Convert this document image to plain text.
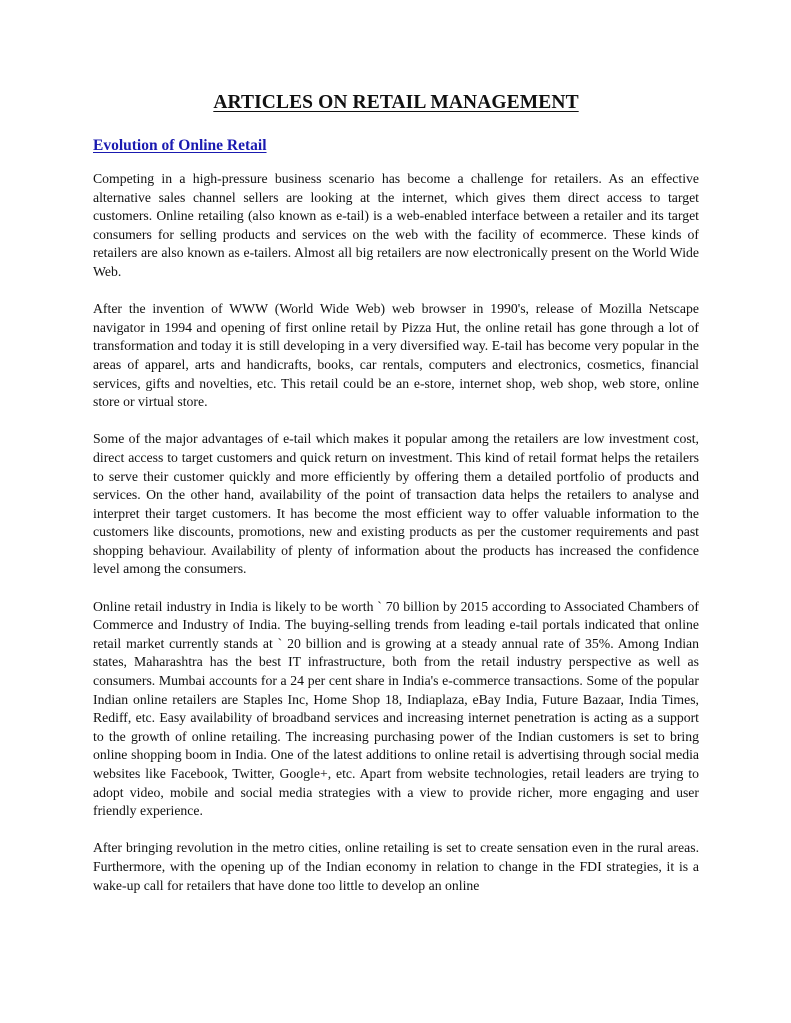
ARTICLES ON RETAIL MANAGEMENT
Evolution of Online Retail

Competing in a high-pressure business scenario has become a challenge for retailers. As an effective alternative sales channel sellers are looking at the internet, which gives them direct access to target customers. Online retailing (also known as e-tail) is a web-enabled interface between a retailer and its target consumers for selling products and services on the web with the facility of ecommerce. These kinds of retailers are also known as e-tailers. Almost all big retailers are now electronically present on the World Wide Web.

After the invention of WWW (World Wide Web) web browser in 1990's, release of Mozilla Netscape navigator in 1994 and opening of first online retail by Pizza Hut, the online retail has gone through a lot of transformation and today it is still developing in a very diversified way. E-tail has become very popular in the areas of apparel, arts and handicrafts, books, car rentals, computers and electronics, cosmetics, financial services, gifts and novelties, etc. This retail could be an e-store, internet shop, web shop, web store, online store or virtual store.

Some of the major advantages of e-tail which makes it popular among the retailers are low investment cost, direct access to target customers and quick return on investment. This kind of retail format helps the retailers to serve their customer quickly and more efficiently by offering them a detailed portfolio of products and services. On the other hand, availability of the point of transaction data helps the retailers to analyse and interpret their target customers. It has become the most efficient way to offer valuable information to the customers like discounts, promotions, new and existing products as per the customer requirements and past shopping behaviour. Availability of plenty of information about the products has increased the confidence level among the consumers.

Online retail industry in India is likely to be worth ` 70 billion by 2015 according to Associated Chambers of Commerce and Industry of India. The buying-selling trends from leading e-tail portals indicated that online retail market currently stands at ` 20 billion and is growing at a steady annual rate of 35%. Among Indian states, Maharashtra has the best IT infrastructure, both from the retail industry perspective as well as consumers. Mumbai accounts for a 24 per cent share in India's e-commerce transactions. Some of the popular Indian online retailers are Staples Inc, Home Shop 18, Indiaplaza, eBay India, Future Bazaar, India Times, Rediff, etc. Easy availability of broadband services and increasing internet penetration is acting as a support to the growth of online retailing. The increasing purchasing power of the Indian customers is set to bring online shopping boom in India. One of the latest additions to online retail is advertising through social media websites like Facebook, Twitter, Google+, etc. Apart from website technologies, retail leaders are trying to adopt video, mobile and social media strategies with a view to provide richer, more engaging and user friendly experience.

After bringing revolution in the metro cities, online retailing is set to create sensation even in the rural areas. Furthermore, with the opening up of the Indian economy in relation to change in the FDI strategies, it is a wake-up call for retailers that have done too little to develop an online
